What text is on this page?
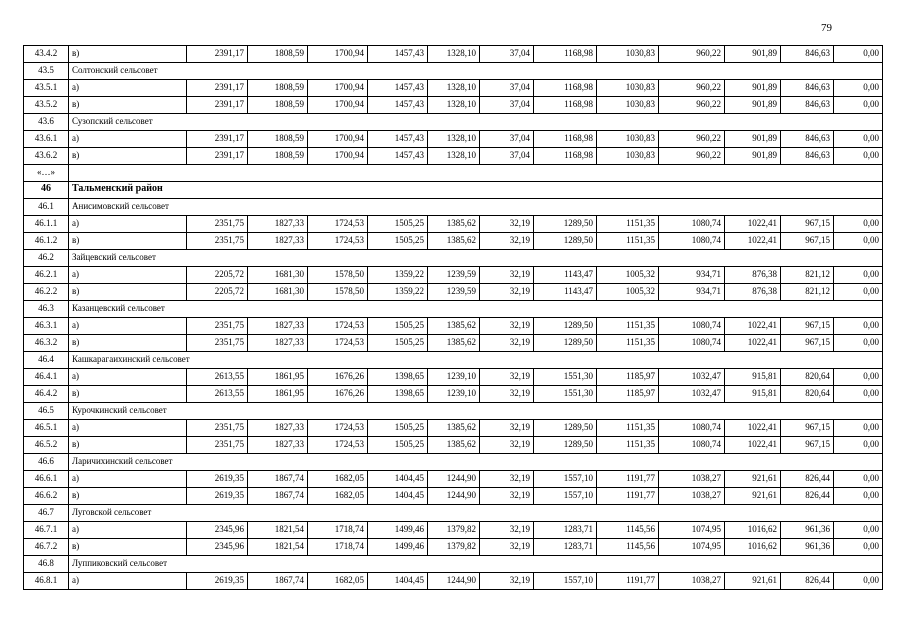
79
43.4.2	в)	2391,17	1808,59	1700,94	1457,43	1328,10	37,04	1168,98	1030,83	960,22	901,89	846,63	0,00
43.5	Солтонский сельсовет												
43.5.1	а)	2391,17	1808,59	1700,94	1457,43	1328,10	37,04	1168,98	1030,83	960,22	901,89	846,63	0,00
43.5.2	в)	2391,17	1808,59	1700,94	1457,43	1328,10	37,04	1168,98	1030,83	960,22	901,89	846,63	0,00
43.6	Сузопский сельсовет												
43.6.1	а)	2391,17	1808,59	1700,94	1457,43	1328,10	37,04	1168,98	1030,83	960,22	901,89	846,63	0,00
43.6.2	в)	2391,17	1808,59	1700,94	1457,43	1328,10	37,04	1168,98	1030,83	960,22	901,89	846,63	0,00
«…»													
46	Тальменский район												
46.1	Анисимовский сельсовет												
46.1.1	а)	2351,75	1827,33	1724,53	1505,25	1385,62	32,19	1289,50	1151,35	1080,74	1022,41	967,15	0,00
46.1.2	в)	2351,75	1827,33	1724,53	1505,25	1385,62	32,19	1289,50	1151,35	1080,74	1022,41	967,15	0,00
46.2	Зайцевский сельсовет												
46.2.1	а)	2205,72	1681,30	1578,50	1359,22	1239,59	32,19	1143,47	1005,32	934,71	876,38	821,12	0,00
46.2.2	в)	2205,72	1681,30	1578,50	1359,22	1239,59	32,19	1143,47	1005,32	934,71	876,38	821,12	0,00
46.3	Казанцевский сельсовет												
46.3.1	а)	2351,75	1827,33	1724,53	1505,25	1385,62	32,19	1289,50	1151,35	1080,74	1022,41	967,15	0,00
46.3.2	в)	2351,75	1827,33	1724,53	1505,25	1385,62	32,19	1289,50	1151,35	1080,74	1022,41	967,15	0,00
46.4	Кашкарагаихинский сельсовет												
46.4.1	а)	2613,55	1861,95	1676,26	1398,65	1239,10	32,19	1551,30	1185,97	1032,47	915,81	820,64	0,00
46.4.2	в)	2613,55	1861,95	1676,26	1398,65	1239,10	32,19	1551,30	1185,97	1032,47	915,81	820,64	0,00
46.5	Курочкинский сельсовет												
46.5.1	а)	2351,75	1827,33	1724,53	1505,25	1385,62	32,19	1289,50	1151,35	1080,74	1022,41	967,15	0,00
46.5.2	в)	2351,75	1827,33	1724,53	1505,25	1385,62	32,19	1289,50	1151,35	1080,74	1022,41	967,15	0,00
46.6	Ларичихинский сельсовет												
46.6.1	а)	2619,35	1867,74	1682,05	1404,45	1244,90	32,19	1557,10	1191,77	1038,27	921,61	826,44	0,00
46.6.2	в)	2619,35	1867,74	1682,05	1404,45	1244,90	32,19	1557,10	1191,77	1038,27	921,61	826,44	0,00
46.7	Луговской сельсовет												
46.7.1	а)	2345,96	1821,54	1718,74	1499,46	1379,82	32,19	1283,71	1145,56	1074,95	1016,62	961,36	0,00
46.7.2	в)	2345,96	1821,54	1718,74	1499,46	1379,82	32,19	1283,71	1145,56	1074,95	1016,62	961,36	0,00
46.8	Луппиковский сельсовет												
46.8.1	а)	2619,35	1867,74	1682,05	1404,45	1244,90	32,19	1557,10	1191,77	1038,27	921,61	826,44	0,00
